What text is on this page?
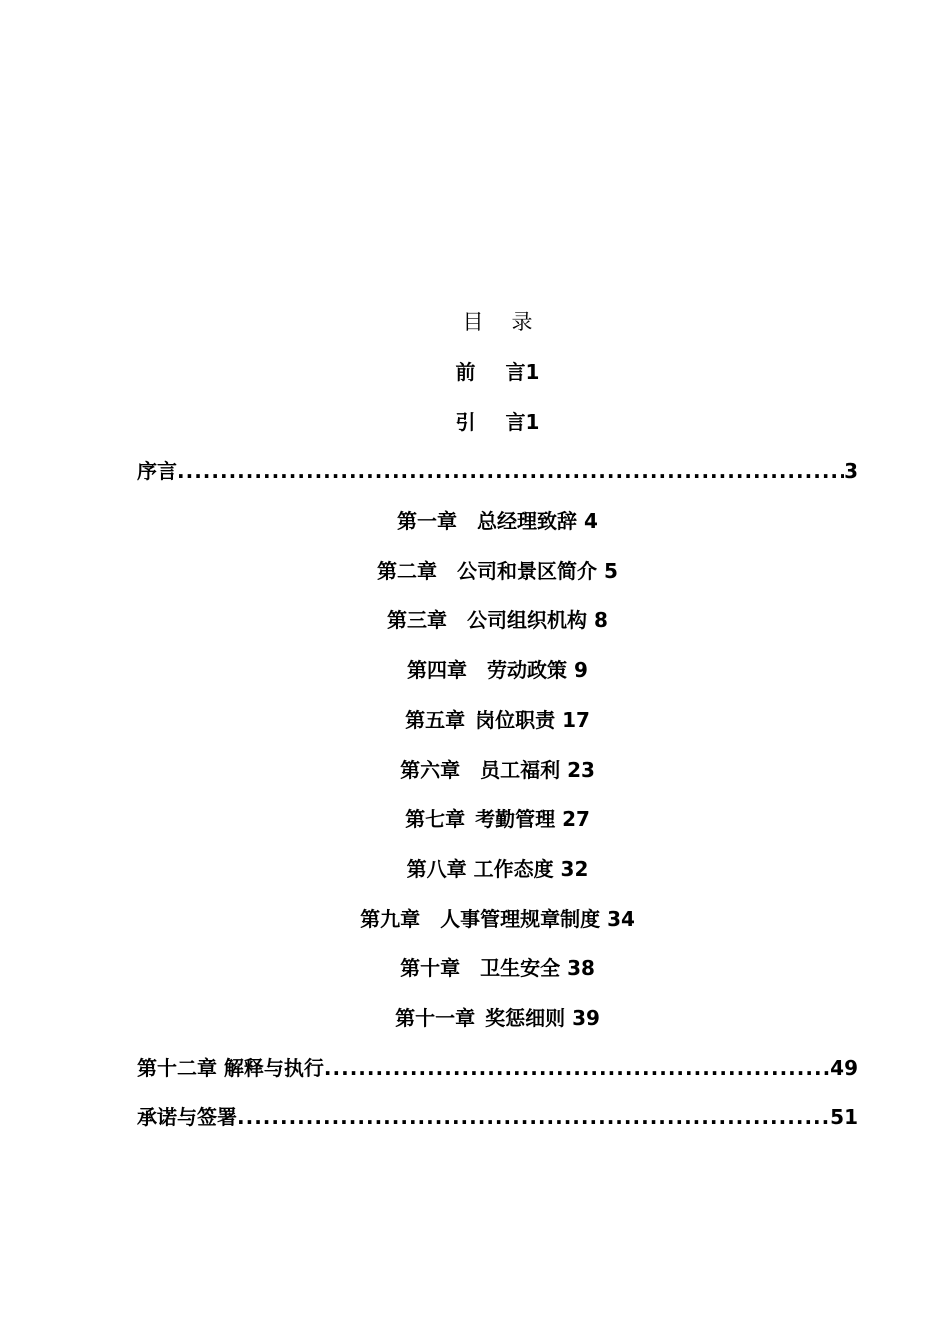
目 录
前 言1
引 言1
序言 .....	3
第一章 总经理致辞 4
第二章 公司和景区简介 5
第三章 公司组织机构 8
第四章 劳动政策 9
第五章 岗位职责 17
第六章 员工福利 23
第七章 考勤管理 27
第八章 工作态度 32
第九章 人事管理规章制度 34
第十章 卫生安全 38
第十一章 奖惩细则 39
第十二章 解释与执行 .....	49
承诺与签署 .....	51
